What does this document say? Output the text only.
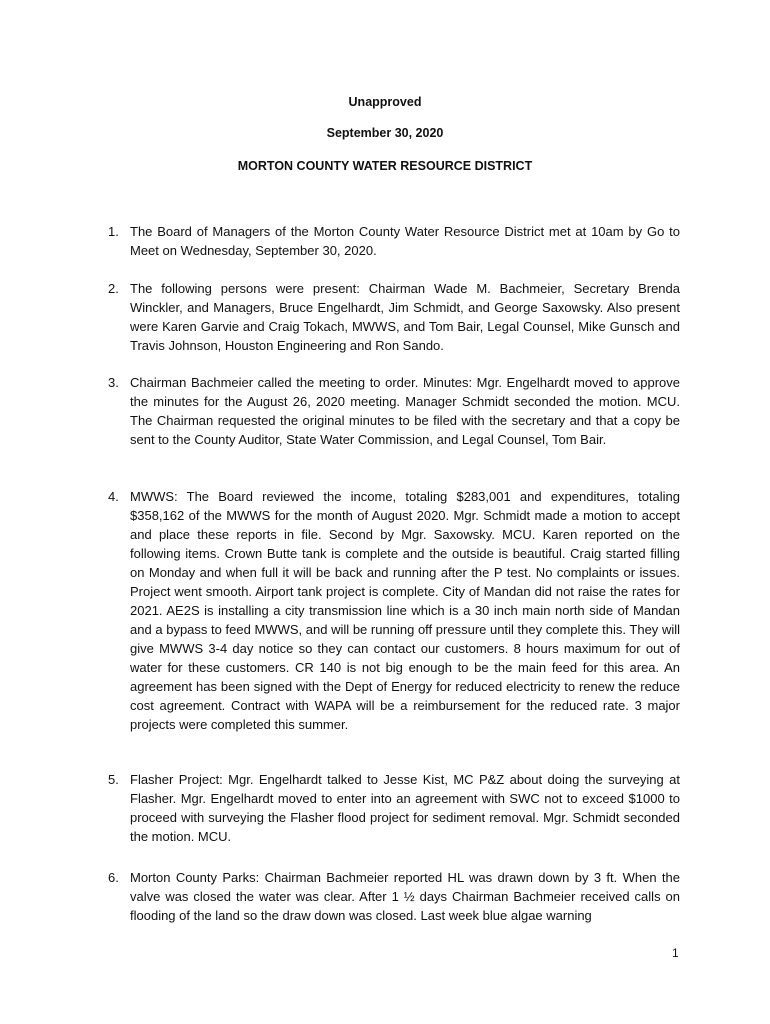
Unapproved
September 30, 2020
MORTON COUNTY WATER RESOURCE DISTRICT
1. The Board of Managers of the Morton County Water Resource District met at 10am by Go to Meet on Wednesday, September 30, 2020.
2. The following persons were present: Chairman Wade M. Bachmeier, Secretary Brenda Winckler, and Managers, Bruce Engelhardt, Jim Schmidt, and George Saxowsky. Also present were Karen Garvie and Craig Tokach, MWWS, and Tom Bair, Legal Counsel, Mike Gunsch and Travis Johnson, Houston Engineering and Ron Sando.
3. Chairman Bachmeier called the meeting to order. Minutes: Mgr. Engelhardt moved to approve the minutes for the August 26, 2020 meeting. Manager Schmidt seconded the motion. MCU. The Chairman requested the original minutes to be filed with the secretary and that a copy be sent to the County Auditor, State Water Commission, and Legal Counsel, Tom Bair.
4. MWWS: The Board reviewed the income, totaling $283,001 and expenditures, totaling $358,162 of the MWWS for the month of August 2020. Mgr. Schmidt made a motion to accept and place these reports in file. Second by Mgr. Saxowsky. MCU. Karen reported on the following items. Crown Butte tank is complete and the outside is beautiful. Craig started filling on Monday and when full it will be back and running after the P test. No complaints or issues. Project went smooth. Airport tank project is complete. City of Mandan did not raise the rates for 2021. AE2S is installing a city transmission line which is a 30 inch main north side of Mandan and a bypass to feed MWWS, and will be running off pressure until they complete this. They will give MWWS 3-4 day notice so they can contact our customers. 8 hours maximum for out of water for these customers. CR 140 is not big enough to be the main feed for this area. An agreement has been signed with the Dept of Energy for reduced electricity to renew the reduce cost agreement. Contract with WAPA will be a reimbursement for the reduced rate. 3 major projects were completed this summer.
5. Flasher Project: Mgr. Engelhardt talked to Jesse Kist, MC P&Z about doing the surveying at Flasher. Mgr. Engelhardt moved to enter into an agreement with SWC not to exceed $1000 to proceed with surveying the Flasher flood project for sediment removal. Mgr. Schmidt seconded the motion. MCU.
6. Morton County Parks: Chairman Bachmeier reported HL was drawn down by 3 ft. When the valve was closed the water was clear. After 1 ½ days Chairman Bachmeier received calls on flooding of the land so the draw down was closed. Last week blue algae warning
1
